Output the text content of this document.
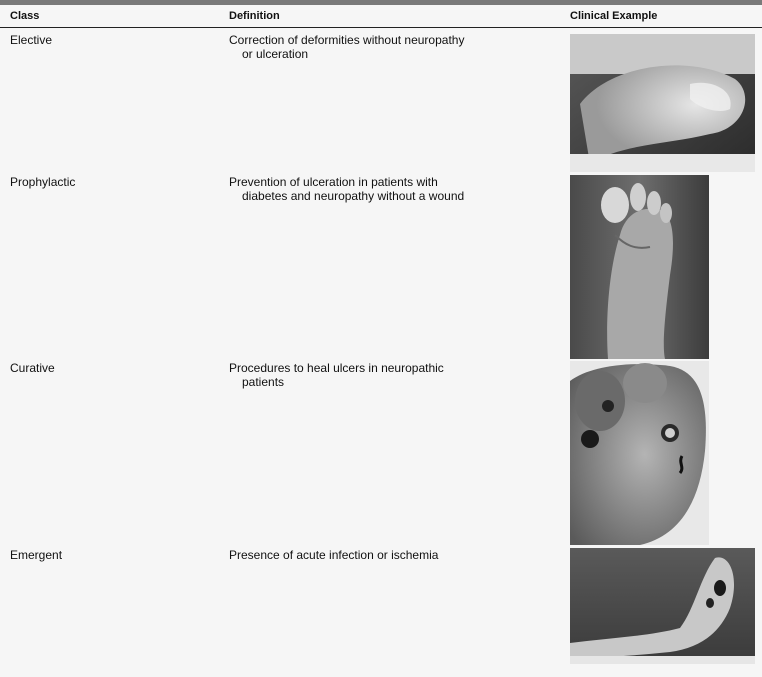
Class	Definition	Clinical Example
Elective	Correction of deformities without neuropathy or ulceration
Prophylactic	Prevention of ulceration in patients with diabetes and neuropathy without a wound
Curative	Procedures to heal ulcers in neuropathic patients
Emergent	Presence of acute infection or ischemia
